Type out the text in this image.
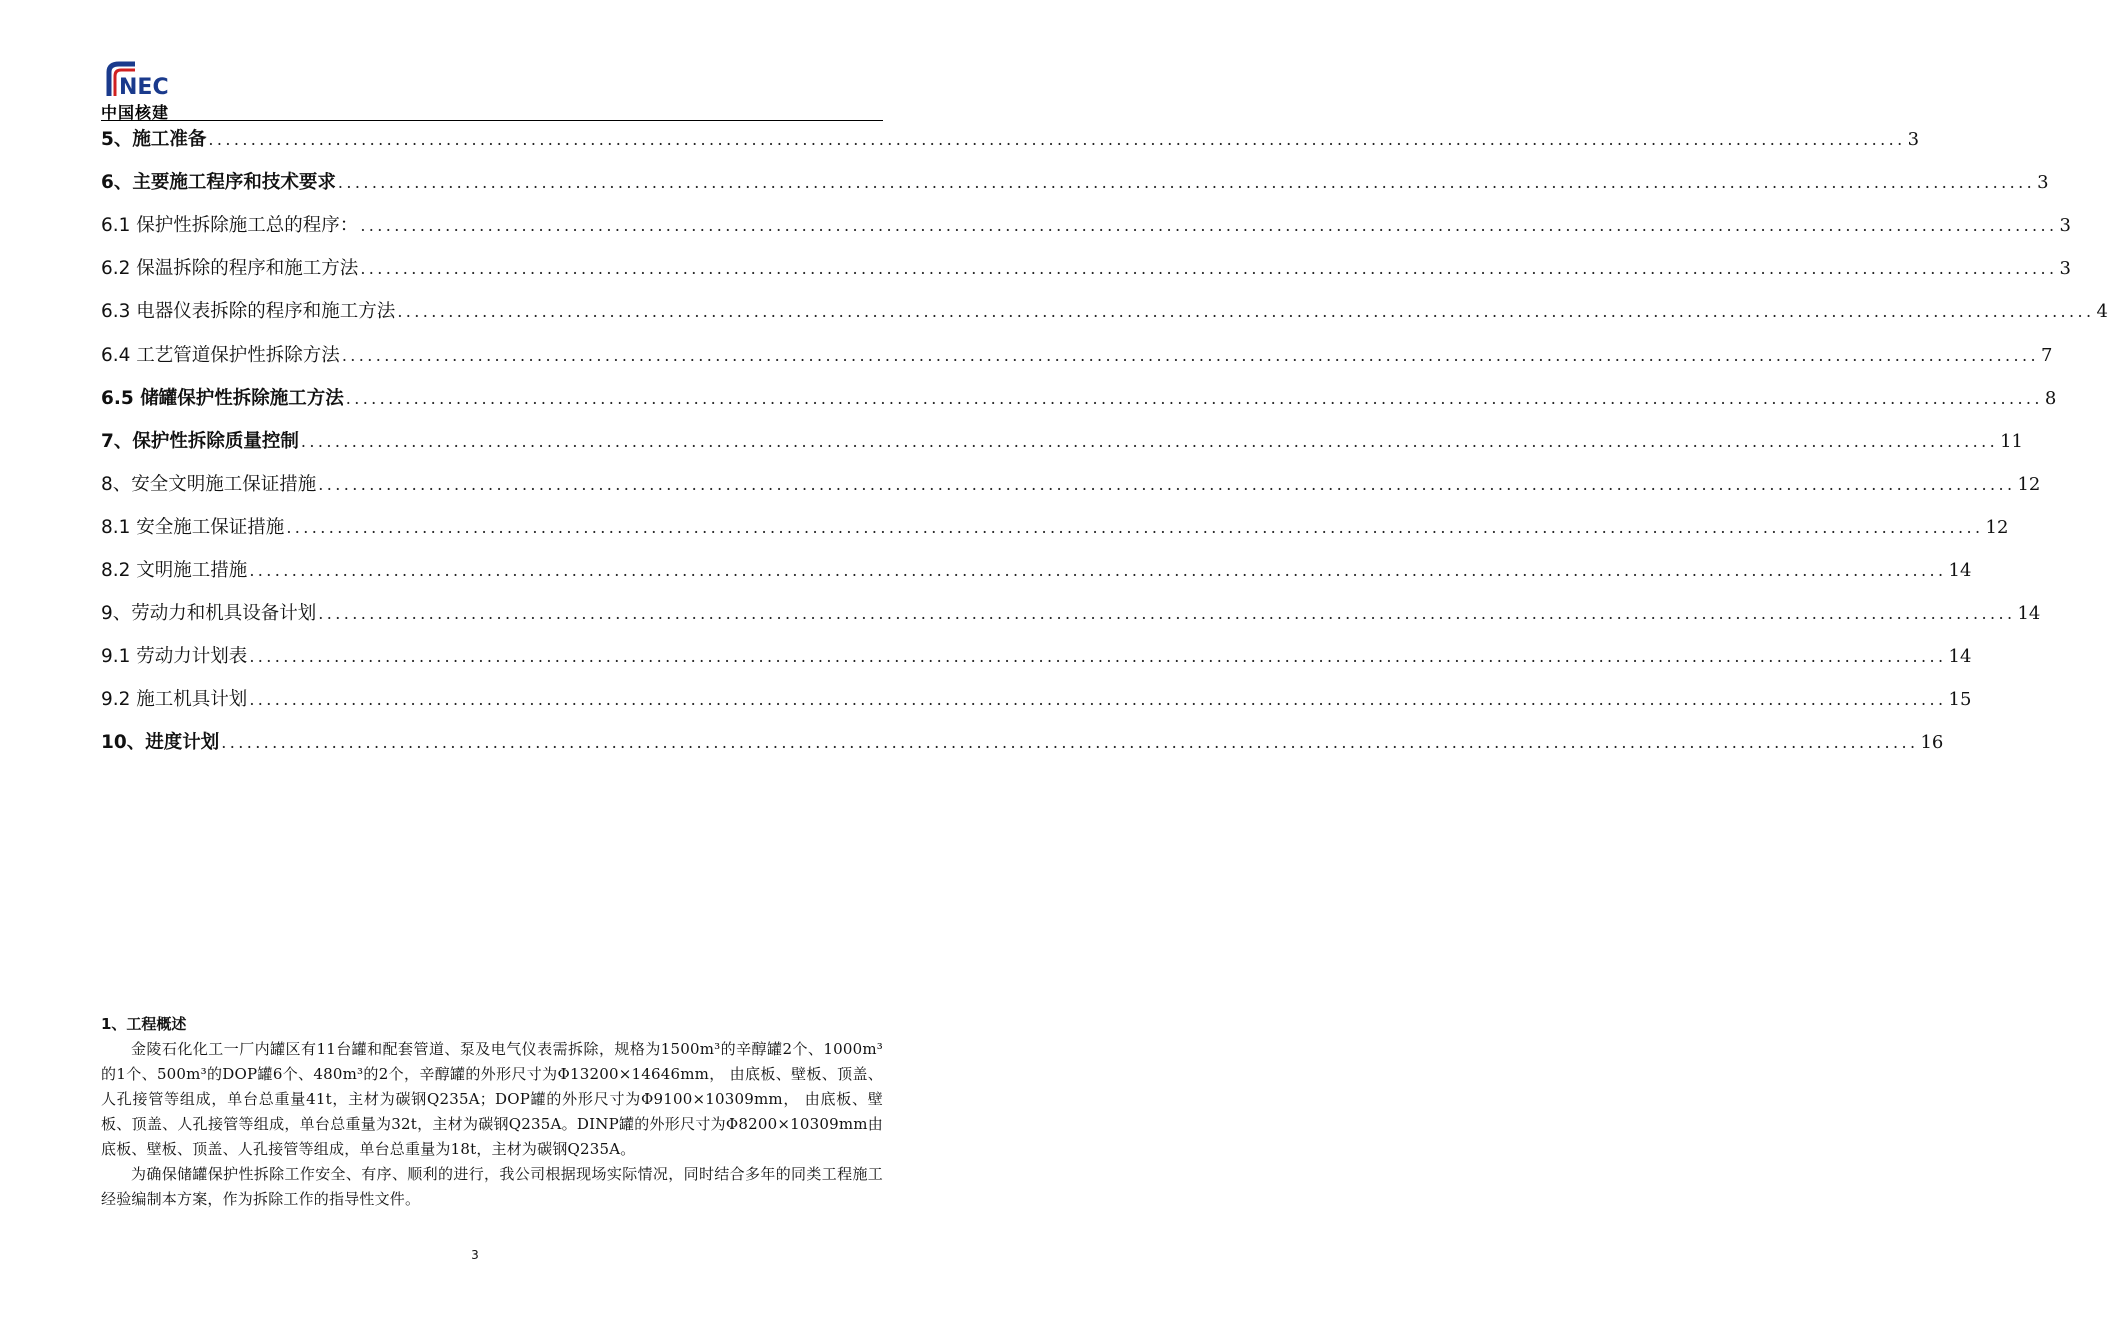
NEC
中国核建
5、施工准备 ........................................................................................................................................................................................................ 3
6、主要施工程序和技术要求 ........................................................................................................................................................................................................ 3
6.1 保护性拆除施工总的程序： ........................................................................................................................................................................................................ 3
6.2 保温拆除的程序和施工方法 ........................................................................................................................................................................................................ 3
6.3 电器仪表拆除的程序和施工方法 ........................................................................................................................................................................................................ 4
6.4 工艺管道保护性拆除方法 ........................................................................................................................................................................................................ 7
6.5 储罐保护性拆除施工方法 ........................................................................................................................................................................................................ 8
7、保护性拆除质量控制 ........................................................................................................................................................................................................ 11
8、安全文明施工保证措施 ........................................................................................................................................................................................................ 12
8.1 安全施工保证措施 ........................................................................................................................................................................................................ 12
8.2 文明施工措施 ........................................................................................................................................................................................................ 14
9、劳动力和机具设备计划 ........................................................................................................................................................................................................ 14
9.1 劳动力计划表 ........................................................................................................................................................................................................ 14
9.2 施工机具计划 ........................................................................................................................................................................................................ 15
10、进度计划 ........................................................................................................................................................................................................ 16

1、工程概述

金陵石化化工一厂内罐区有11台罐和配套管道、泵及电气仪表需拆除，规格为1500m³的辛醇罐2个、1000m³的1个、500m³的DOP罐6个、480m³的2个，辛醇罐的外形尺寸为Φ13200×14646mm， 由底板、壁板、顶盖、人孔接管等组成，单台总重量41t，主材为碳钢Q235A；DOP罐的外形尺寸为Φ9100×10309mm， 由底板、壁板、顶盖、人孔接管等组成，单台总重量为32t，主材为碳钢Q235A。DINP罐的外形尺寸为Φ8200×10309mm由底板、壁板、顶盖、人孔接管等组成，单台总重量为18t，主材为碳钢Q235A。

为确保储罐保护性拆除工作安全、有序、顺利的进行，我公司根据现场实际情况，同时结合多年的同类工程施工经验编制本方案，作为拆除工作的指导性文件。

3
